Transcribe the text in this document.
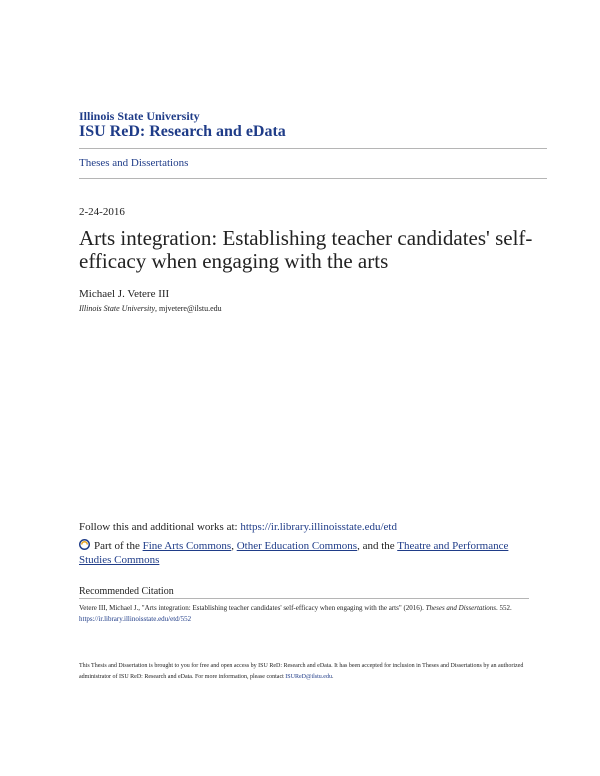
Illinois State University
ISU ReD: Research and eData
Theses and Dissertations
2-24-2016
Arts integration: Establishing teacher candidates' self-efficacy when engaging with the arts
Michael J. Vetere III
Illinois State University, mjvetere@ilstu.edu
Follow this and additional works at: https://ir.library.illinoisstate.edu/etd
Part of the Fine Arts Commons, Other Education Commons, and the Theatre and Performance Studies Commons
Recommended Citation
Vetere III, Michael J., "Arts integration: Establishing teacher candidates' self-efficacy when engaging with the arts" (2016). Theses and Dissertations. 552.
https://ir.library.illinoisstate.edu/etd/552
This Thesis and Dissertation is brought to you for free and open access by ISU ReD: Research and eData. It has been accepted for inclusion in Theses and Dissertations by an authorized administrator of ISU ReD: Research and eData. For more information, please contact ISUReD@ilstu.edu.
